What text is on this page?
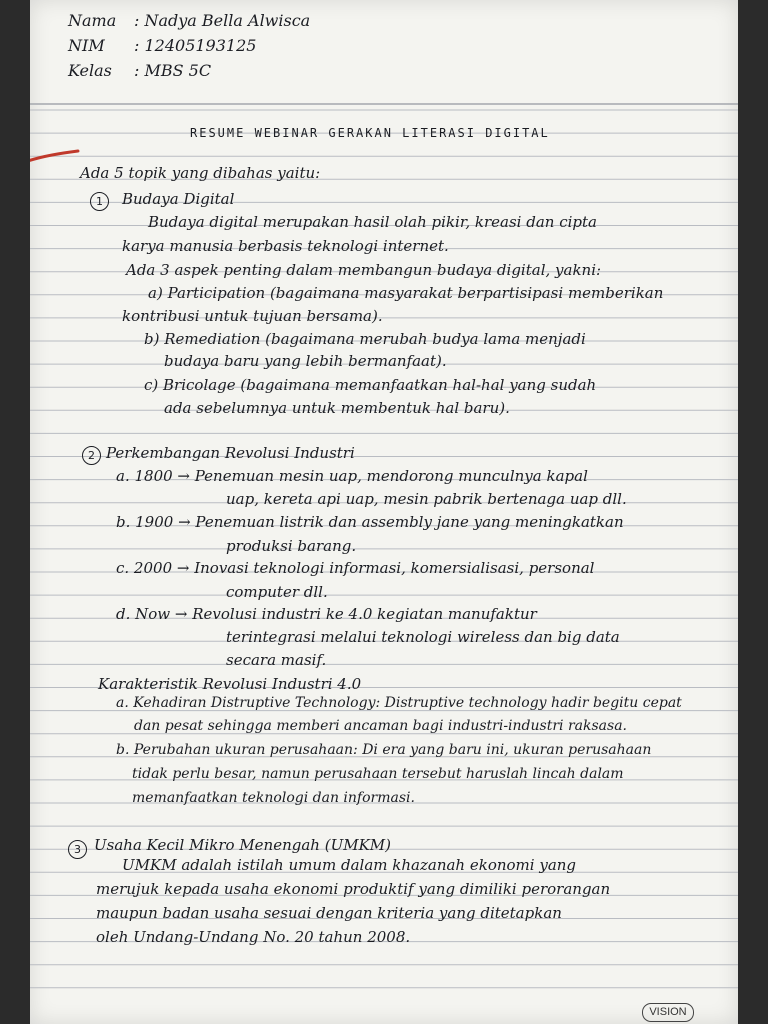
Nama : Nadya Bella Alwisca
NIM : 12405193125
Kelas : MBS 5C
RESUME WEBINAR GERAKAN LITERASI DIGITAL
Ada 5 topik yang dibahas yaitu:
1	Budaya Digital
Budaya digital merupakan hasil olah pikir, kreasi dan cipta
karya manusia berbasis teknologi internet.
Ada 3 aspek penting dalam membangun budaya digital, yakni:
a) Participation (bagaimana masyarakat berpartisipasi memberikan
kontribusi untuk tujuan bersama).
b) Remediation (bagaimana merubah budya lama menjadi
budaya baru yang lebih bermanfaat).
c) Bricolage (bagaimana memanfaatkan hal-hal yang sudah
ada sebelumnya untuk membentuk hal baru).
2 Perkembangan Revolusi Industri
a. 1800 → Penemuan mesin uap, mendorong munculnya kapal
uap, kereta api uap, mesin pabrik bertenaga uap dll.
b. 1900 → Penemuan listrik dan assembly jane yang meningkatkan
produksi barang.
c. 2000 → Inovasi teknologi informasi, komersialisasi, personal
computer dll.
d. Now → Revolusi industri ke 4.0 kegiatan manufaktur
terintegrasi melalui teknologi wireless dan big data
secara masif.
Karakteristik Revolusi Industri 4.0
a. Kehadiran Distruptive Technology: Distruptive technology hadir begitu cepat
dan pesat sehingga memberi ancaman bagi industri-industri raksasa.
b. Perubahan ukuran perusahaan: Di era yang baru ini, ukuran perusahaan
tidak perlu besar, namun perusahaan tersebut haruslah lincah dalam
memanfaatkan teknologi dan informasi.
3 Usaha Kecil Mikro Menengah (UMKM)
UMKM adalah istilah umum dalam khazanah ekonomi yang
merujuk kepada usaha ekonomi produktif yang dimiliki perorangan
maupun badan usaha sesuai dengan kriteria yang ditetapkan
oleh Undang-Undang No. 20 tahun 2008.
VISION
